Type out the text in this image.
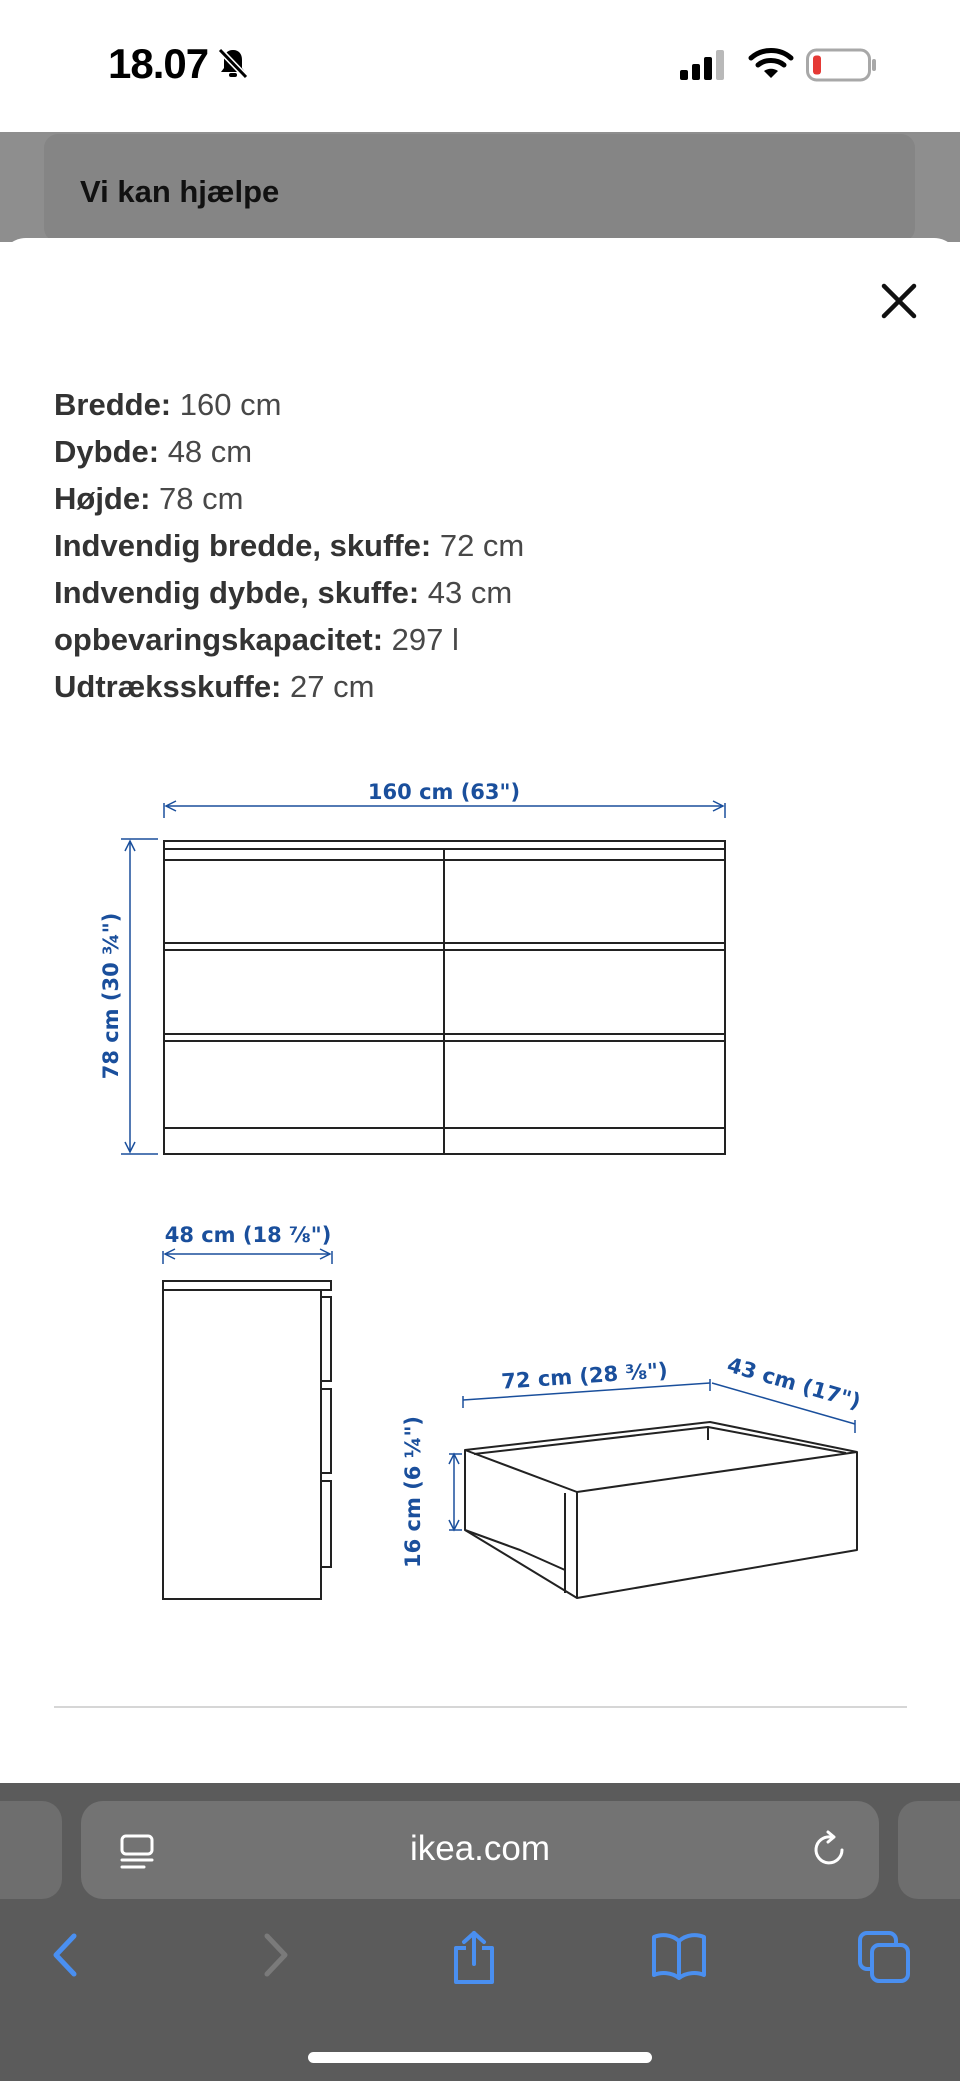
18.07
Vi kan hjælpe
Bredde: 160 cm
Dybde: 48 cm
Højde: 78 cm
Indvendig bredde, skuffe: 72 cm
Indvendig dybde, skuffe: 43 cm
opbevaringskapacitet: 297 l
Udtræksskuffe: 27 cm
160 cm (63")
78 cm (30 ¾")
48 cm (18 ⅞")
72 cm (28 ⅜")	43 cm (17")
16 cm (6 ¼")
ikea.com
